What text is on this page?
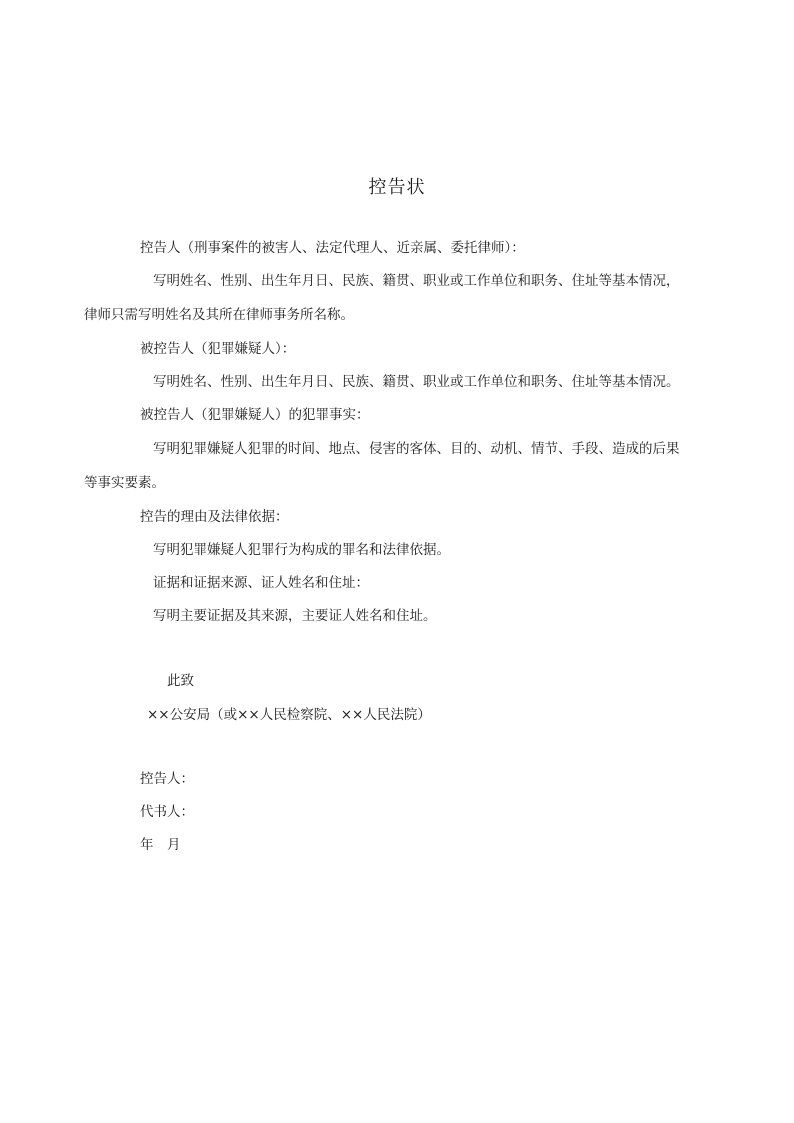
控告状
控告人（刑事案件的被害人、法定代理人、近亲属、委托律师）：
写明姓名、性别、出生年月日、民族、籍贯、职业或工作单位和职务、住址等基本情况，
律师只需写明姓名及其所在律师事务所名称。
被控告人（犯罪嫌疑人）：
写明姓名、性别、出生年月日、民族、籍贯、职业或工作单位和职务、住址等基本情况。
被控告人（犯罪嫌疑人）的犯罪事实：
写明犯罪嫌疑人犯罪的时间、地点、侵害的客体、目的、动机、情节、手段、造成的后果
等事实要素。
控告的理由及法律依据：
写明犯罪嫌疑人犯罪行为构成的罪名和法律依据。
证据和证据来源、证人姓名和住址：
写明主要证据及其来源，主要证人姓名和住址。
此致
××公安局（或××人民检察院、××人民法院）
控告人：
代书人：
年　月
